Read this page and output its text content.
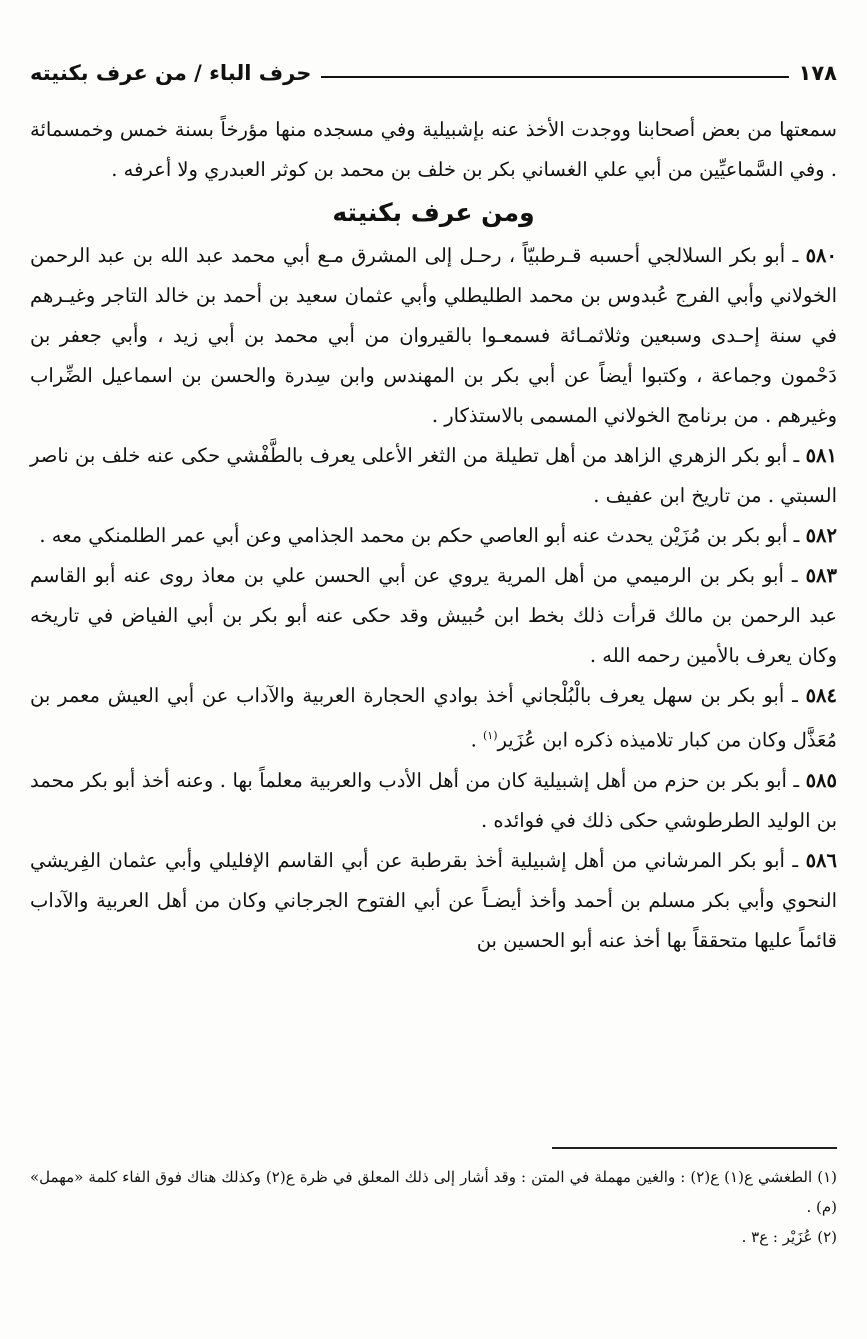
١٧٨
حرف الباء / من عرف بكنيته

سمعتها من بعض أصحابنا ووجدت الأخذ عنه بإشبيلية وفي مسجده منها مؤرخاً بسنة خمس وخمسمائة . وفي السَّماعيِّين من أبي علي الغساني بكر بن خلف بن محمد بن كوثر العبدري ولا أعرفه .

ومن عرف بكنيته

٥٨٠ ـ أبو بكر السلالجي أحسبه قـرطبيّاً ، رحـل إلى المشرق مـع أبي محمد عبد الله بن عبد الرحمن الخولاني وأبي الفرج عُبدوس بن محمد الطليطلي وأبي عثمان سعيد بن أحمد بن خالد التاجر وغيـرهم في سنة إحـدى وسبعين وثلاثمـائة فسمعـوا بالقيروان من أبي محمد بن أبي زيد ، وأبي جعفر بن دَحْمون وجماعة ، وكتبوا أيضاً عن أبي بكر بن المهندس وابن سِدرة والحسن بن اسماعيل الضِّراب وغيرهم . من برنامج الخولاني المسمى بالاستذكار .

٥٨١ ـ أبو بكر الزهري الزاهد من أهل تطيلة من الثغر الأعلى يعرف بالطَّفْشي حكى عنه خلف بن ناصر السبتي . من تاريخ ابن عفيف .

٥٨٢ ـ أبو بكر بن مُزَيْن يحدث عنه أبو العاصي حكم بن محمد الجذامي وعن أبي عمر الطلمنكي معه .

٥٨٣ ـ أبو بكر بن الرميمي من أهل المرية يروي عن أبي الحسن علي بن معاذ روى عنه أبو القاسم عبد الرحمن بن مالك قرأت ذلك بخط ابن حُبيش وقد حكى عنه أبو بكر بن أبي الفياض في تاريخه وكان يعرف بالأمين رحمه الله .

٥٨٤ ـ أبو بكر بن سهل يعرف بالْبُلْجاني أخذ بوادي الحجارة العربية والآداب عن أبي العيش معمر بن مُعَذَّل وكان من كبار تلاميذه ذكره ابن عُزَير$^{(١)}$ .

٥٨٥ ـ أبو بكر بن حزم من أهل إشبيلية كان من أهل الأدب والعربية معلماً بها . وعنه أخذ أبو بكر محمد بن الوليد الطرطوشي حكى ذلك في فوائده .

٥٨٦ ـ أبو بكر المرشاني من أهل إشبيلية أخذ بقرطبة عن أبي القاسم الإفليلي وأبي عثمان الفِريشي النحوي وأبي بكر مسلم بن أحمد وأخذ أيضـاً عن أبي الفتوح الجرجاني وكان من أهل العربية والآداب قائماً عليها متحققاً بها أخذ عنه أبو الحسين بن

(١) الطغشي ع(١) ع(٢) : والغين مهملة في المتن : وقد أشار إلى ذلك المعلق في ظرة ع(٢) وكذلك هناك فوق الفاء كلمة «مهمل» (م) .

(٢) عُزَيْر : ع٣ .
